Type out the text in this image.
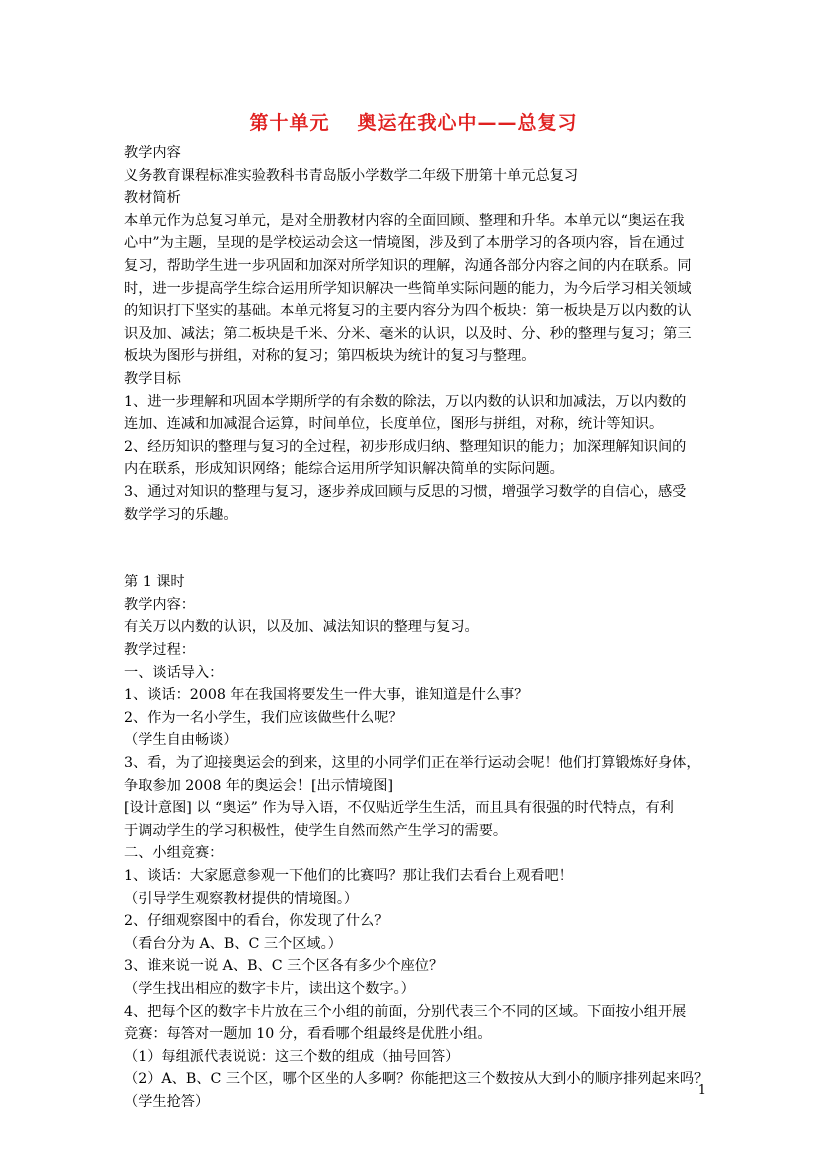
第十单元 奥运在我心中——总复习

教学内容

义务教育课程标准实验教科书青岛版小学数学二年级下册第十单元总复习

教材简析

本单元作为总复习单元，是对全册教材内容的全面回顾、整理和升华。本单元以“奥运在我

心中”为主题，呈现的是学校运动会这一情境图，涉及到了本册学习的各项内容，旨在通过

复习，帮助学生进一步巩固和加深对所学知识的理解，沟通各部分内容之间的内在联系。同

时，进一步提高学生综合运用所学知识解决一些简单实际问题的能力，为今后学习相关领域

的知识打下坚实的基础。本单元将复习的主要内容分为四个板块：第一板块是万以内数的认

识及加、减法；第二板块是千米、分米、毫米的认识，以及时、分、秒的整理与复习；第三

板块为图形与拼组，对称的复习；第四板块为统计的复习与整理。

教学目标

1、进一步理解和巩固本学期所学的有余数的除法，万以内数的认识和加减法，万以内数的

连加、连减和加减混合运算，时间单位，长度单位，图形与拼组，对称，统计等知识。

2、经历知识的整理与复习的全过程，初步形成归纳、整理知识的能力；加深理解知识间的

内在联系，形成知识网络；能综合运用所学知识解决简单的实际问题。

3、通过对知识的整理与复习，逐步养成回顾与反思的习惯，增强学习数学的自信心，感受

数学学习的乐趣。

第 1 课时

教学内容：

有关万以内数的认识，以及加、减法知识的整理与复习。

教学过程：

一、谈话导入：

1、谈话：2008 年在我国将要发生一件大事，谁知道是什么事？

2、作为一名小学生，我们应该做些什么呢？

（学生自由畅谈）

3、看，为了迎接奥运会的到来，这里的小同学们正在举行运动会呢！他们打算锻炼好身体，

争取参加 2008 年的奥运会！[出示情境图]

[设计意图] 以 “奥运” 作为导入语，不仅贴近学生生活，而且具有很强的时代特点，有利

于调动学生的学习积极性，使学生自然而然产生学习的需要。

二、小组竞赛：

1、谈话：大家愿意参观一下他们的比赛吗？那让我们去看台上观看吧！

（引导学生观察教材提供的情境图。）

2、仔细观察图中的看台，你发现了什么？

（看台分为 A、B、C 三个区域。）

3、谁来说一说 A、B、C 三个区各有多少个座位？

（学生找出相应的数字卡片，读出这个数字。）

4、把每个区的数字卡片放在三个小组的前面，分别代表三个不同的区域。下面按小组开展

竞赛：每答对一题加 10 分，看看哪个组最终是优胜小组。

（1）每组派代表说说：这三个数的组成（抽号回答）

（2）A、B、C 三个区，哪个区坐的人多啊？你能把这三个数按从大到小的顺序排列起来吗？

（学生抢答）

1
